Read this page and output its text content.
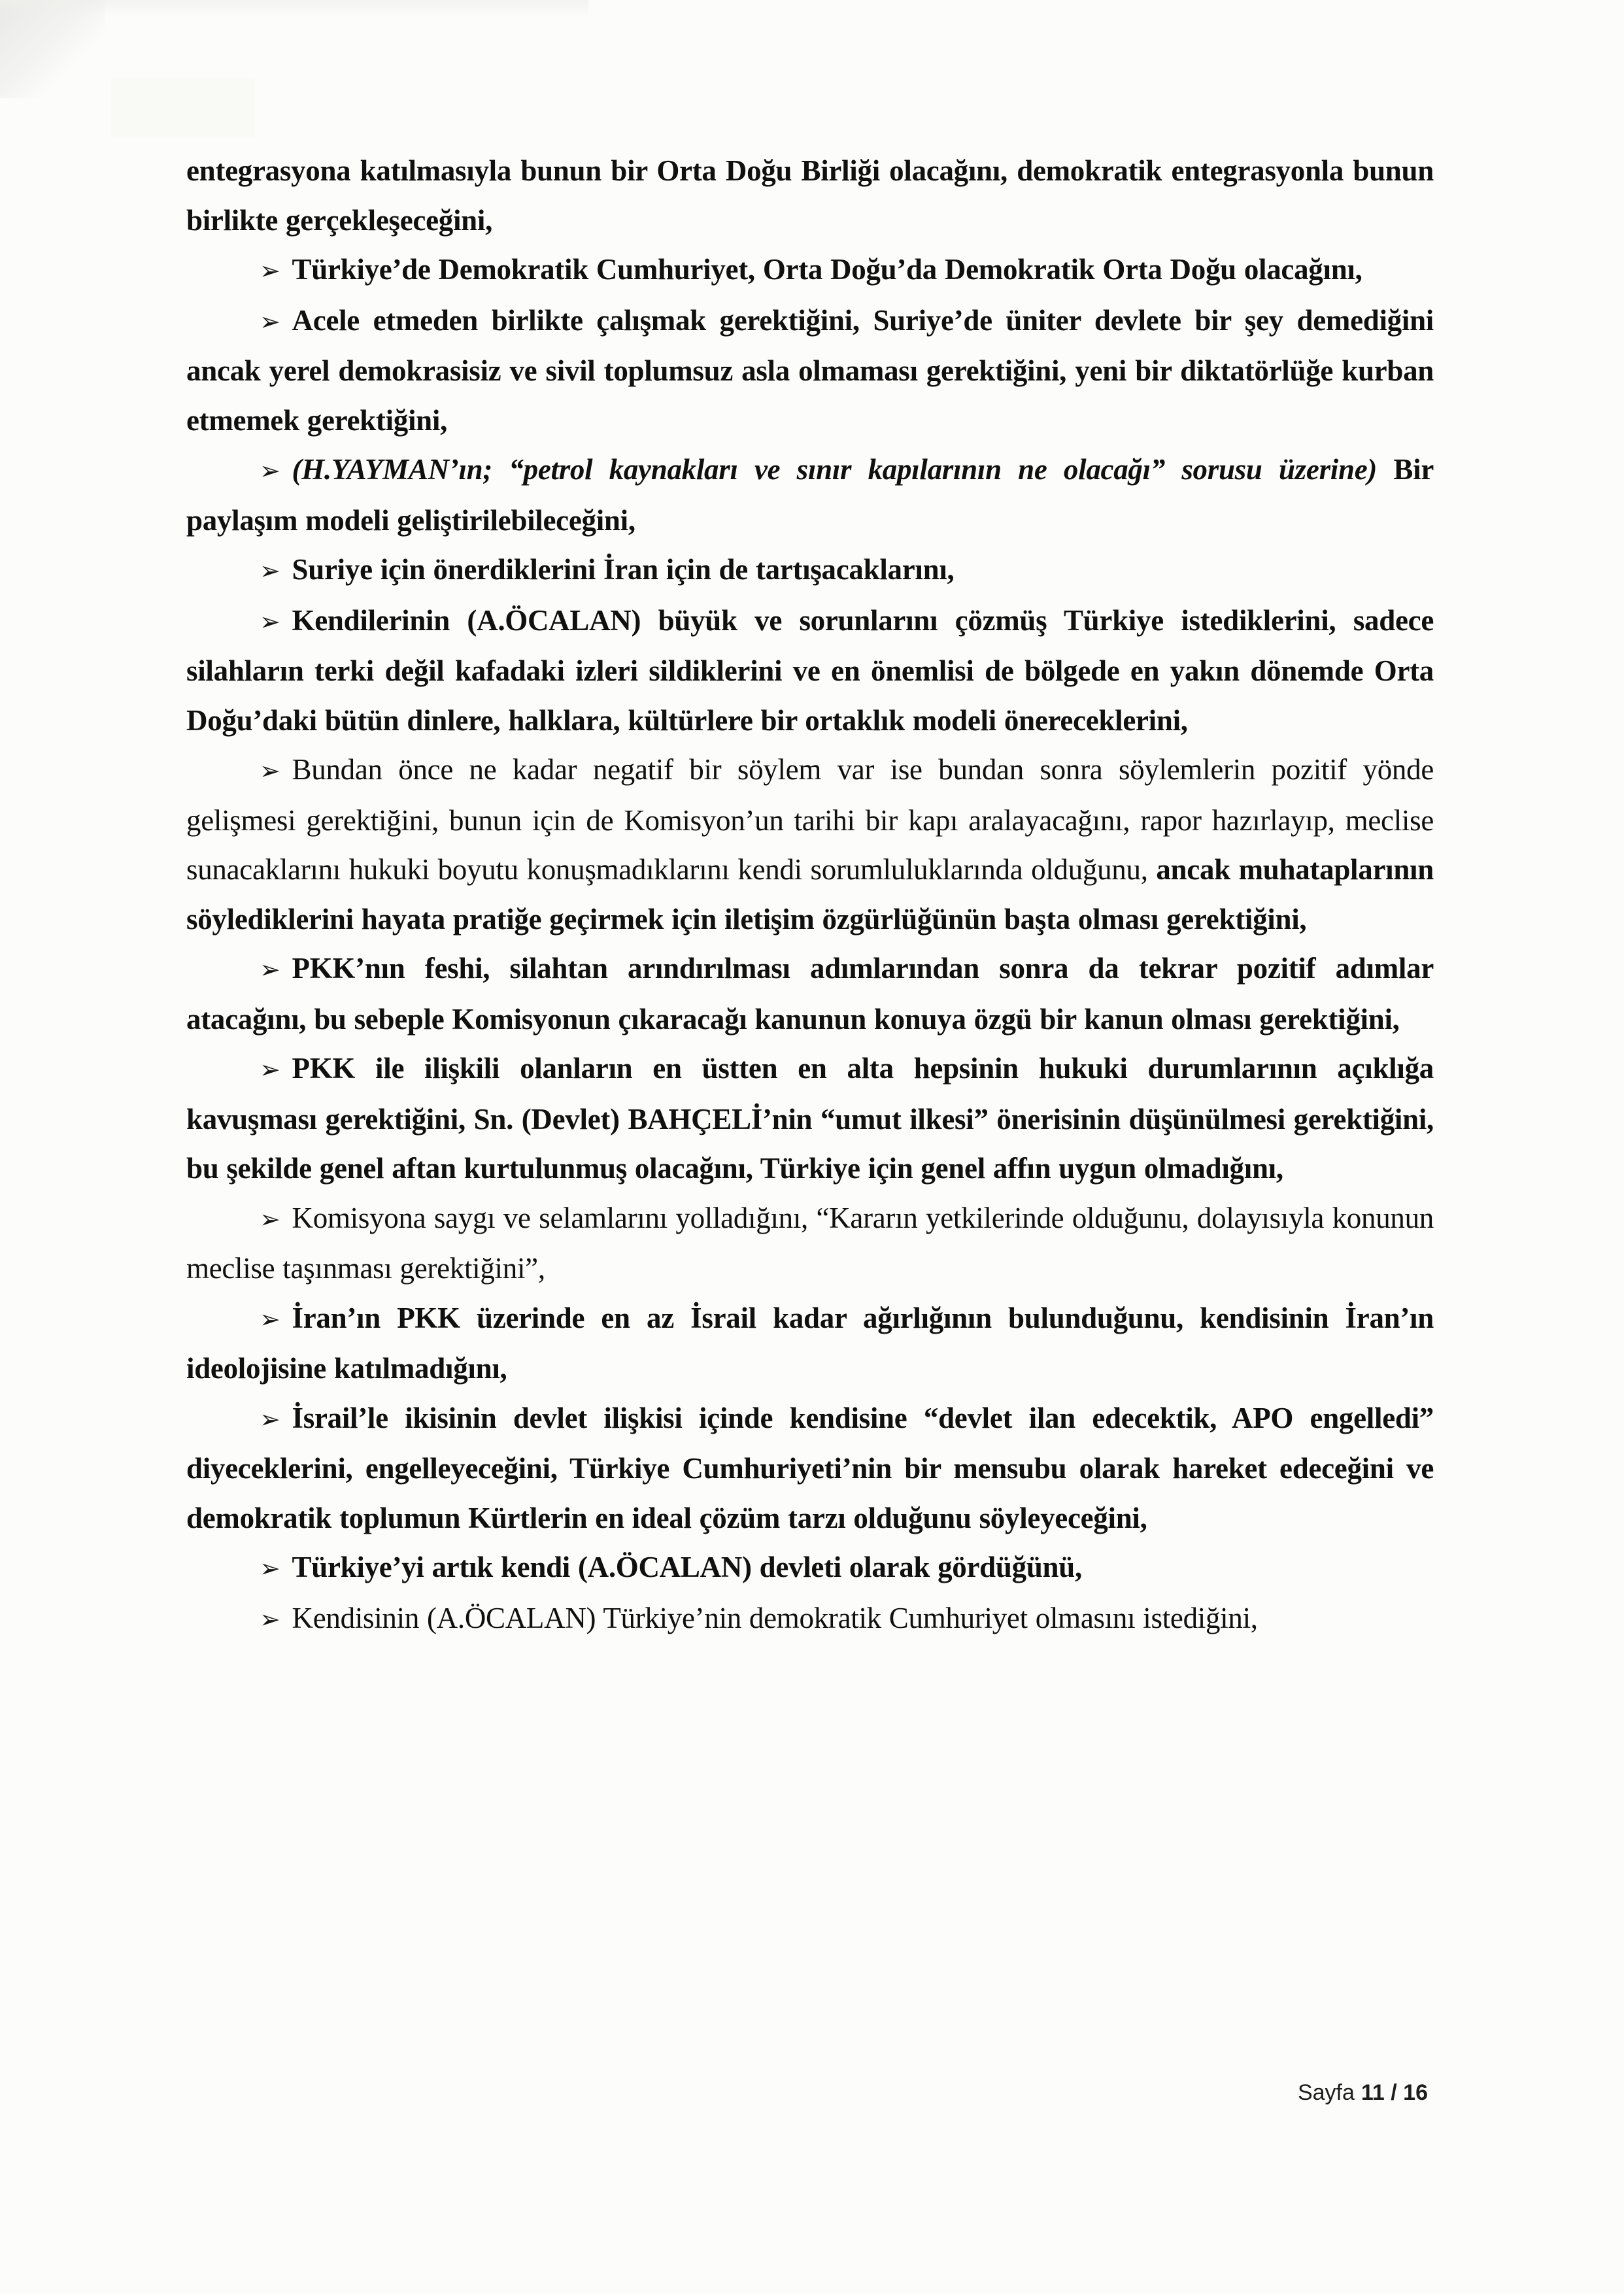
entegrasyona katılmasıyla bunun bir Orta Doğu Birliği olacağını, demokratik entegrasyonla bunun birlikte gerçekleşeceğini,

➢ Türkiye’de Demokratik Cumhuriyet, Orta Doğu’da Demokratik Orta Doğu olacağını,

➢ Acele etmeden birlikte çalışmak gerektiğini, Suriye’de üniter devlete bir şey demediğini ancak yerel demokrasisiz ve sivil toplumsuz asla olmaması gerektiğini, yeni bir diktatörlüğe kurban etmemek gerektiğini,

➢ (H.YAYMAN’ın; “petrol kaynakları ve sınır kapılarının ne olacağı” sorusu üzerine) Bir paylaşım modeli geliştirilebileceğini,

➢ Suriye için önerdiklerini İran için de tartışacaklarını,

➢ Kendilerinin (A.ÖCALAN) büyük ve sorunlarını çözmüş Türkiye istediklerini, sadece silahların terki değil kafadaki izleri sildiklerini ve en önemlisi de bölgede en yakın dönemde Orta Doğu’daki bütün dinlere, halklara, kültürlere bir ortaklık modeli önereceklerini,

➢ Bundan önce ne kadar negatif bir söylem var ise bundan sonra söylemlerin pozitif yönde gelişmesi gerektiğini, bunun için de Komisyon’un tarihi bir kapı aralayacağını, rapor hazırlayıp, meclise sunacaklarını hukuki boyutu konuşmadıklarını kendi sorumluluklarında olduğunu, ancak muhataplarının söylediklerini hayata pratiğe geçirmek için iletişim özgürlüğünün başta olması gerektiğini,

➢ PKK’nın feshi, silahtan arındırılması adımlarından sonra da tekrar pozitif adımlar atacağını, bu sebeple Komisyonun çıkaracağı kanunun konuya özgü bir kanun olması gerektiğini,

➢ PKK ile ilişkili olanların en üstten en alta hepsinin hukuki durumlarının açıklığa kavuşması gerektiğini, Sn. (Devlet) BAHÇELİ’nin “umut ilkesi” önerisinin düşünülmesi gerektiğini, bu şekilde genel aftan kurtulunmuş olacağını, Türkiye için genel affın uygun olmadığını,

➢ Komisyona saygı ve selamlarını yolladığını, “Kararın yetkilerinde olduğunu, dolayısıyla konunun meclise taşınması gerektiğini”,

➢ İran’ın PKK üzerinde en az İsrail kadar ağırlığının bulunduğunu, kendisinin İran’ın ideolojisine katılmadığını,

➢ İsrail’le ikisinin devlet ilişkisi içinde kendisine “devlet ilan edecektik, APO engelledi” diyeceklerini, engelleyeceğini, Türkiye Cumhuriyeti’nin bir mensubu olarak hareket edeceğini ve demokratik toplumun Kürtlerin en ideal çözüm tarzı olduğunu söyleyeceğini,

➢ Türkiye’yi artık kendi (A.ÖCALAN) devleti olarak gördüğünü,

➢ Kendisinin (A.ÖCALAN) Türkiye’nin demokratik Cumhuriyet olmasını istediğini,

Sayfa 11 / 16
